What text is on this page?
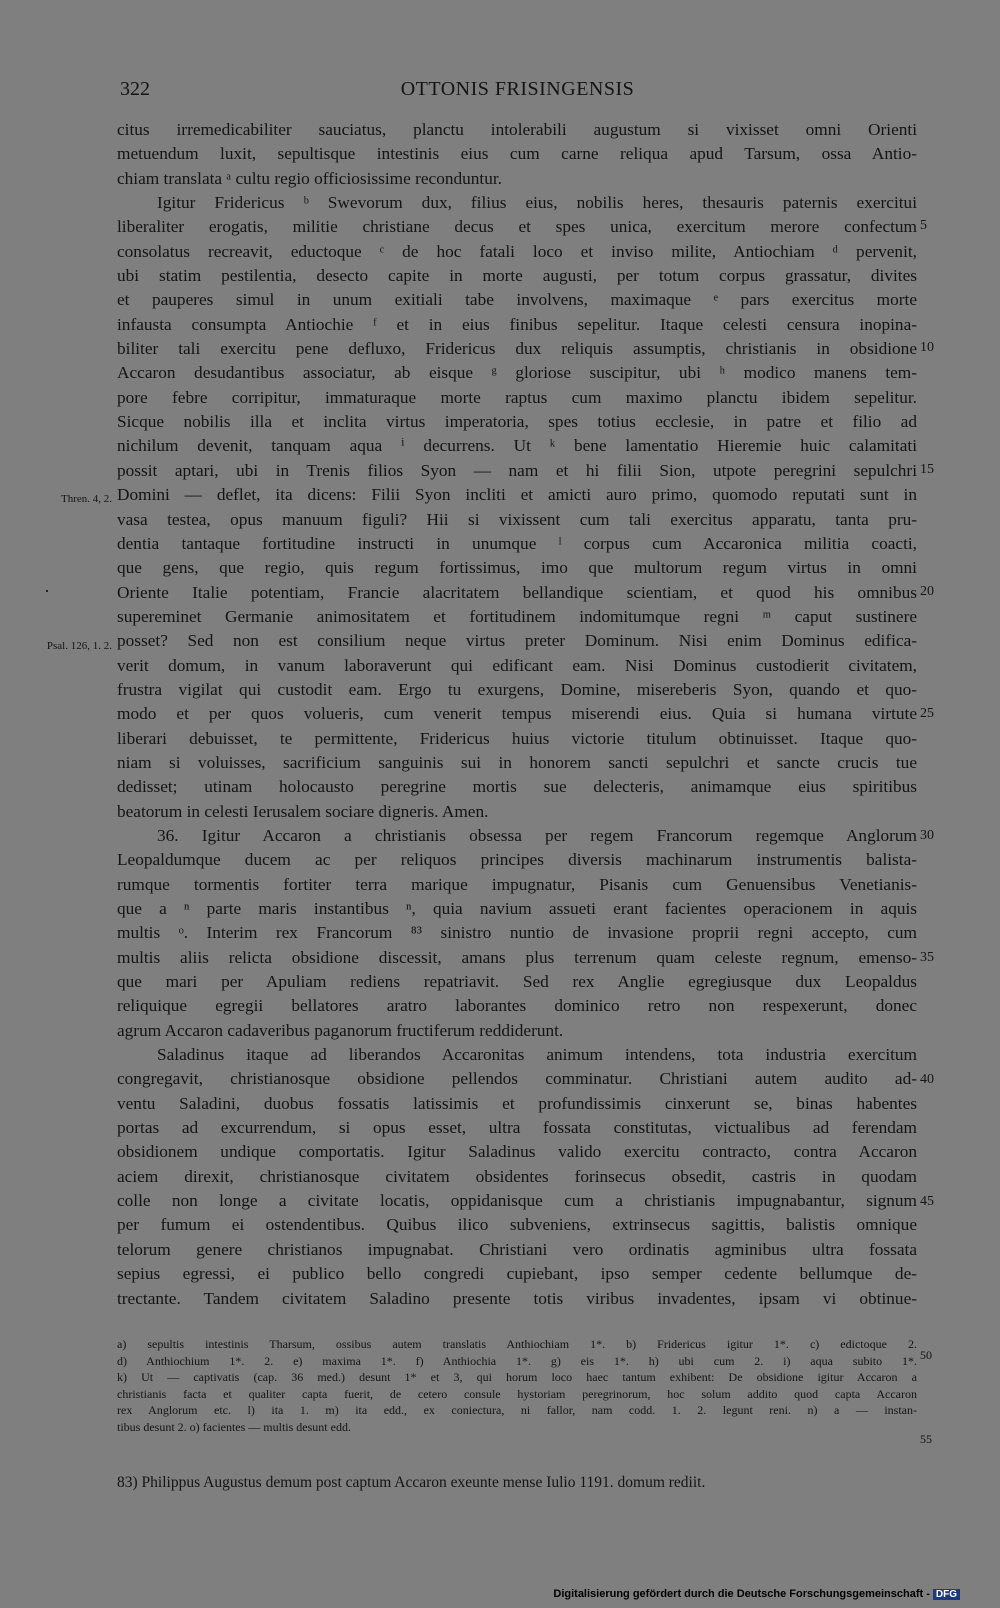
322	OTTONIS FRISINGENSIS
citus irremedicabiliter sauciatus, planctu intolerabili augustum si vixisset omni Orienti
metuendum luxit, sepultisque intestinis eius cum carne reliqua apud Tarsum, ossa Antio-
chiam translata ᵃ cultu regio officiosissime reconduntur.
Igitur Fridericus ᵇ Swevorum dux, filius eius, nobilis heres, thesauris paternis exercitui
liberaliter erogatis, militie christiane decus et spes unica, exercitum merore confectum
consolatus recreavit, eductoque ᶜ de hoc fatali loco et inviso milite, Antiochiam ᵈ pervenit,
ubi statim pestilentia, desecto capite in morte augusti, per totum corpus grassatur, divites
et pauperes simul in unum exitiali tabe involvens, maximaque ᵉ pars exercitus morte
infausta consumpta Antiochie ᶠ et in eius finibus sepelitur. Itaque celesti censura inopina-
biliter tali exercitu pene defluxo, Fridericus dux reliquis assumptis, christianis in obsidione
Accaron desudantibus associatur, ab eisque ᵍ gloriose suscipitur, ubi ʰ modico manens tem-
pore febre corripitur, immaturaque morte raptus cum maximo planctu ibidem sepelitur.
Sicque nobilis illa et inclita virtus imperatoria, spes totius ecclesie, in patre et filio ad
nichilum devenit, tanquam aqua ⁱ decurrens. Ut ᵏ bene lamentatio Hieremie huic calamitati
possit aptari, ubi in Trenis filios Syon — nam et hi filii Sion, utpote peregrini sepulchri
Domini — deflet, ita dicens: Filii Syon incliti et amicti auro primo, quomodo reputati sunt in
vasa testea, opus manuum figuli? Hii si vixissent cum tali exercitus apparatu, tanta pru-
dentia tantaque fortitudine instructi in unumque ˡ corpus cum Accaronica militia coacti,
que gens, que regio, quis regum fortissimus, imo que multorum regum virtus in omni
Oriente Italie potentiam, Francie alacritatem bellandique scientiam, et quod his omnibus
supereminet Germanie animositatem et fortitudinem indomitumque regni ᵐ caput sustinere
posset? Sed non est consilium neque virtus preter Dominum. Nisi enim Dominus edifica-
verit domum, in vanum laboraverunt qui edificant eam. Nisi Dominus custodierit civitatem,
frustra vigilat qui custodit eam. Ergo tu exurgens, Domine, misereberis Syon, quando et quo-
modo et per quos volueris, cum venerit tempus miserendi eius. Quia si humana virtute
liberari debuisset, te permittente, Fridericus huius victorie titulum obtinuisset. Itaque quo-
niam si voluisses, sacrificium sanguinis sui in honorem sancti sepulchri et sancte crucis tue
dedisset; utinam holocausto peregrine mortis sue delecteris, animamque eius spiritibus
beatorum in celesti Ierusalem sociare digneris. Amen.
36. Igitur Accaron a christianis obsessa per regem Francorum regemque Anglorum
Leopaldumque ducem ac per reliquos principes diversis machinarum instrumentis balista-
rumque tormentis fortiter terra marique impugnatur, Pisanis cum Genuensibus Venetianis-
que a ⁿ parte maris instantibus ⁿ, quia navium assueti erant facientes operacionem in aquis
multis ᵒ. Interim rex Francorum ⁸³ sinistro nuntio de invasione proprii regni accepto, cum
multis aliis relicta obsidione discessit, amans plus terrenum quam celeste regnum, emenso-
que mari per Apuliam rediens repatriavit. Sed rex Anglie egregiusque dux Leopaldus
reliquique egregii bellatores aratro laborantes dominico retro non respexerunt, donec
agrum Accaron cadaveribus paganorum fructiferum reddiderunt.
Saladinus itaque ad liberandos Accaronitas animum intendens, tota industria exercitum
congregavit, christianosque obsidione pellendos comminatur. Christiani autem audito ad-
ventu Saladini, duobus fossatis latissimis et profundissimis cinxerunt se, binas habentes
portas ad excurrendum, si opus esset, ultra fossata constitutas, victualibus ad ferendam
obsidionem undique comportatis. Igitur Saladinus valido exercitu contracto, contra Accaron
aciem direxit, christianosque civitatem obsidentes forinsecus obsedit, castris in quodam
colle non longe a civitate locatis, oppidanisque cum a christianis impugnabantur, signum
per fumum ei ostendentibus. Quibus ilico subveniens, extrinsecus sagittis, balistis omnique
telorum genere christianos impugnabat. Christiani vero ordinatis agminibus ultra fossata
sepius egressi, ei publico bello congredi cupiebant, ipso semper cedente bellumque de-
trectante. Tandem civitatem Saladino presente totis viribus invadentes, ipsam vi obtinue-
5
10
15
20
25
30
35
40
45
Thren. 4, 2.
Psal. 126, 1. 2.
a) sepultis intestinis Tharsum, ossibus autem translatis Anthiochiam 1*. b) Fridericus igitur 1*. c) edictoque 2.
d) Anthiochium 1*. 2. e) maxima 1*. f) Anthiochia 1*. g) eis 1*. h) ubi cum 2. i) aqua subito 1*.
k) Ut — captivatis (cap. 36 med.) desunt 1* et 3, qui horum loco haec tantum exhibent: De obsidione igitur Accaron a
christianis facta et qualiter capta fuerit, de cetero consule hystoriam peregrinorum, hoc solum addito quod capta Accaron
rex Anglorum etc. l) ita 1. m) ita edd., ex coniectura, ni fallor, nam codd. 1. 2. legunt reni. n) a — instan-
tibus desunt 2. o) facientes — multis desunt edd.
50
55
83) Philippus Augustus demum post captum Accaron exeunte mense Iulio 1191. domum rediit.
Digitalisierung gefördert durch die Deutsche Forschungsgemeinschaft - DFG
